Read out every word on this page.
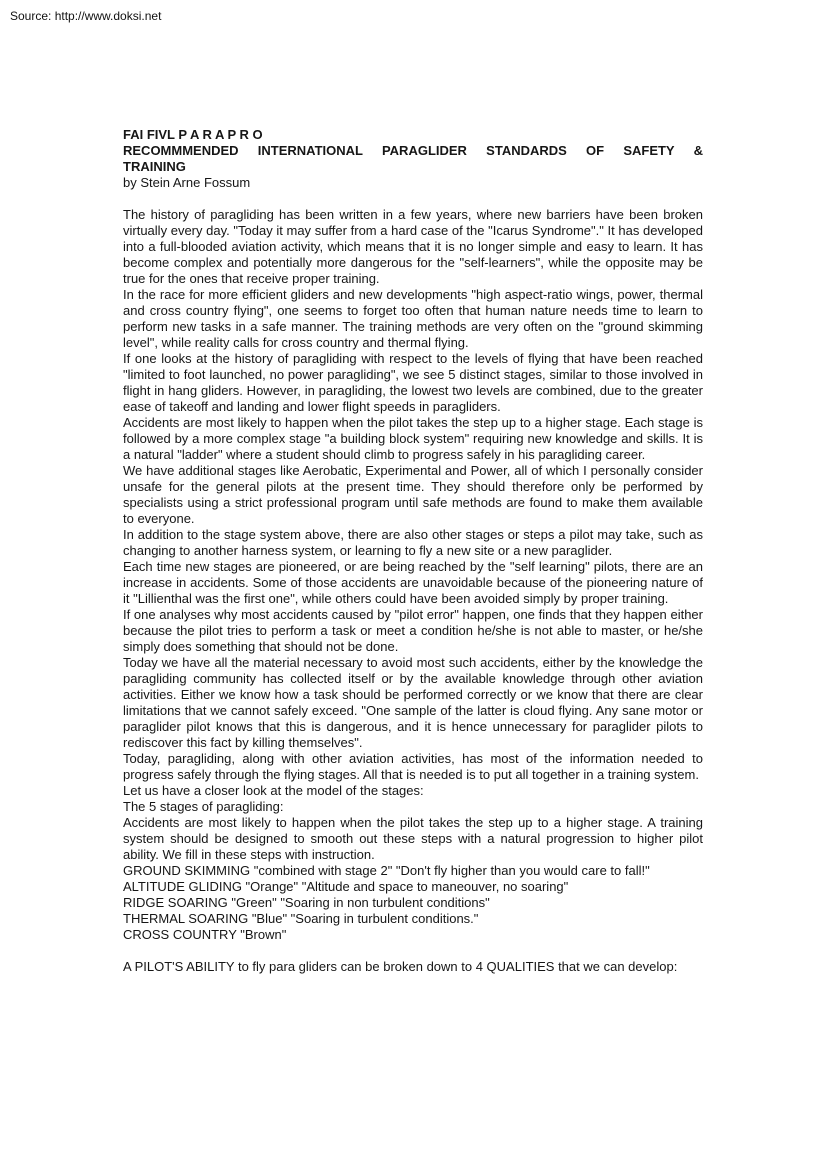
Source: http://www.doksi.net
FAI FIVL P A R A P R O
RECOMMMENDED INTERNATIONAL PARAGLIDER STANDARDS OF SAFETY &
TRAINING
by Stein Arne Fossum
The history of paragliding has been written in a few years, where new barriers have been broken virtually every day. "Today it may suffer from a hard case of the "Icarus Syndrome"." It has developed into a full-blooded aviation activity, which means that it is no longer simple and easy to learn. It has become complex and potentially more dangerous for the "self-learners", while the opposite may be true for the ones that receive proper training.
In the race for more efficient gliders and new developments "high aspect-ratio wings, power, thermal and cross country flying", one seems to forget too often that human nature needs time to learn to perform new tasks in a safe manner. The training methods are very often on the "ground skimming level", while reality calls for cross country and thermal flying.
If one looks at the history of paragliding with respect to the levels of flying that have been reached "limited to foot launched, no power paragliding", we see 5 distinct stages, similar to those involved in flight in hang gliders. However, in paragliding, the lowest two levels are combined, due to the greater ease of takeoff and landing and lower flight speeds in paragliders.
Accidents are most likely to happen when the pilot takes the step up to a higher stage. Each stage is followed by a more complex stage "a building block system" requiring new knowledge and skills. It is a natural "ladder" where a student should climb to progress safely in his paragliding career.
We have additional stages like Aerobatic, Experimental and Power, all of which I personally consider unsafe for the general pilots at the present time. They should therefore only be performed by specialists using a strict professional program until safe methods are found to make them available to everyone.
In addition to the stage system above, there are also other stages or steps a pilot may take, such as changing to another harness system, or learning to fly a new site or a new paraglider.
Each time new stages are pioneered, or are being reached by the "self learning" pilots, there are an increase in accidents. Some of those accidents are unavoidable because of the pioneering nature of it "Lillienthal was the first one", while others could have been avoided simply by proper training.
If one analyses why most accidents caused by "pilot error" happen, one finds that they happen either because the pilot tries to perform a task or meet a condition he/she is not able to master, or he/she simply does something that should not be done.
Today we have all the material necessary to avoid most such accidents, either by the knowledge the paragliding community has collected itself or by the available knowledge through other aviation activities. Either we know how a task should be performed correctly or we know that there are clear limitations that we cannot safely exceed. "One sample of the latter is cloud flying. Any sane motor or paraglider pilot knows that this is dangerous, and it is hence unnecessary for paraglider pilots to rediscover this fact by killing themselves".
Today, paragliding, along with other aviation activities, has most of the information needed to progress safely through the flying stages. All that is needed is to put all together in a training system.
Let us have a closer look at the model of the stages:
The 5 stages of paragliding:
Accidents are most likely to happen when the pilot takes the step up to a higher stage. A training system should be designed to smooth out these steps with a natural progression to higher pilot ability. We fill in these steps with instruction.
GROUND SKIMMING "combined with stage 2" "Don't fly higher than you would care to fall!"
ALTITUDE GLIDING "Orange" "Altitude and space to maneouver, no soaring"
RIDGE SOARING "Green" "Soaring in non turbulent conditions"
THERMAL SOARING "Blue" "Soaring in turbulent conditions."
CROSS COUNTRY "Brown"
A PILOT'S ABILITY to fly para gliders can be broken down to 4 QUALITIES that we can develop:
